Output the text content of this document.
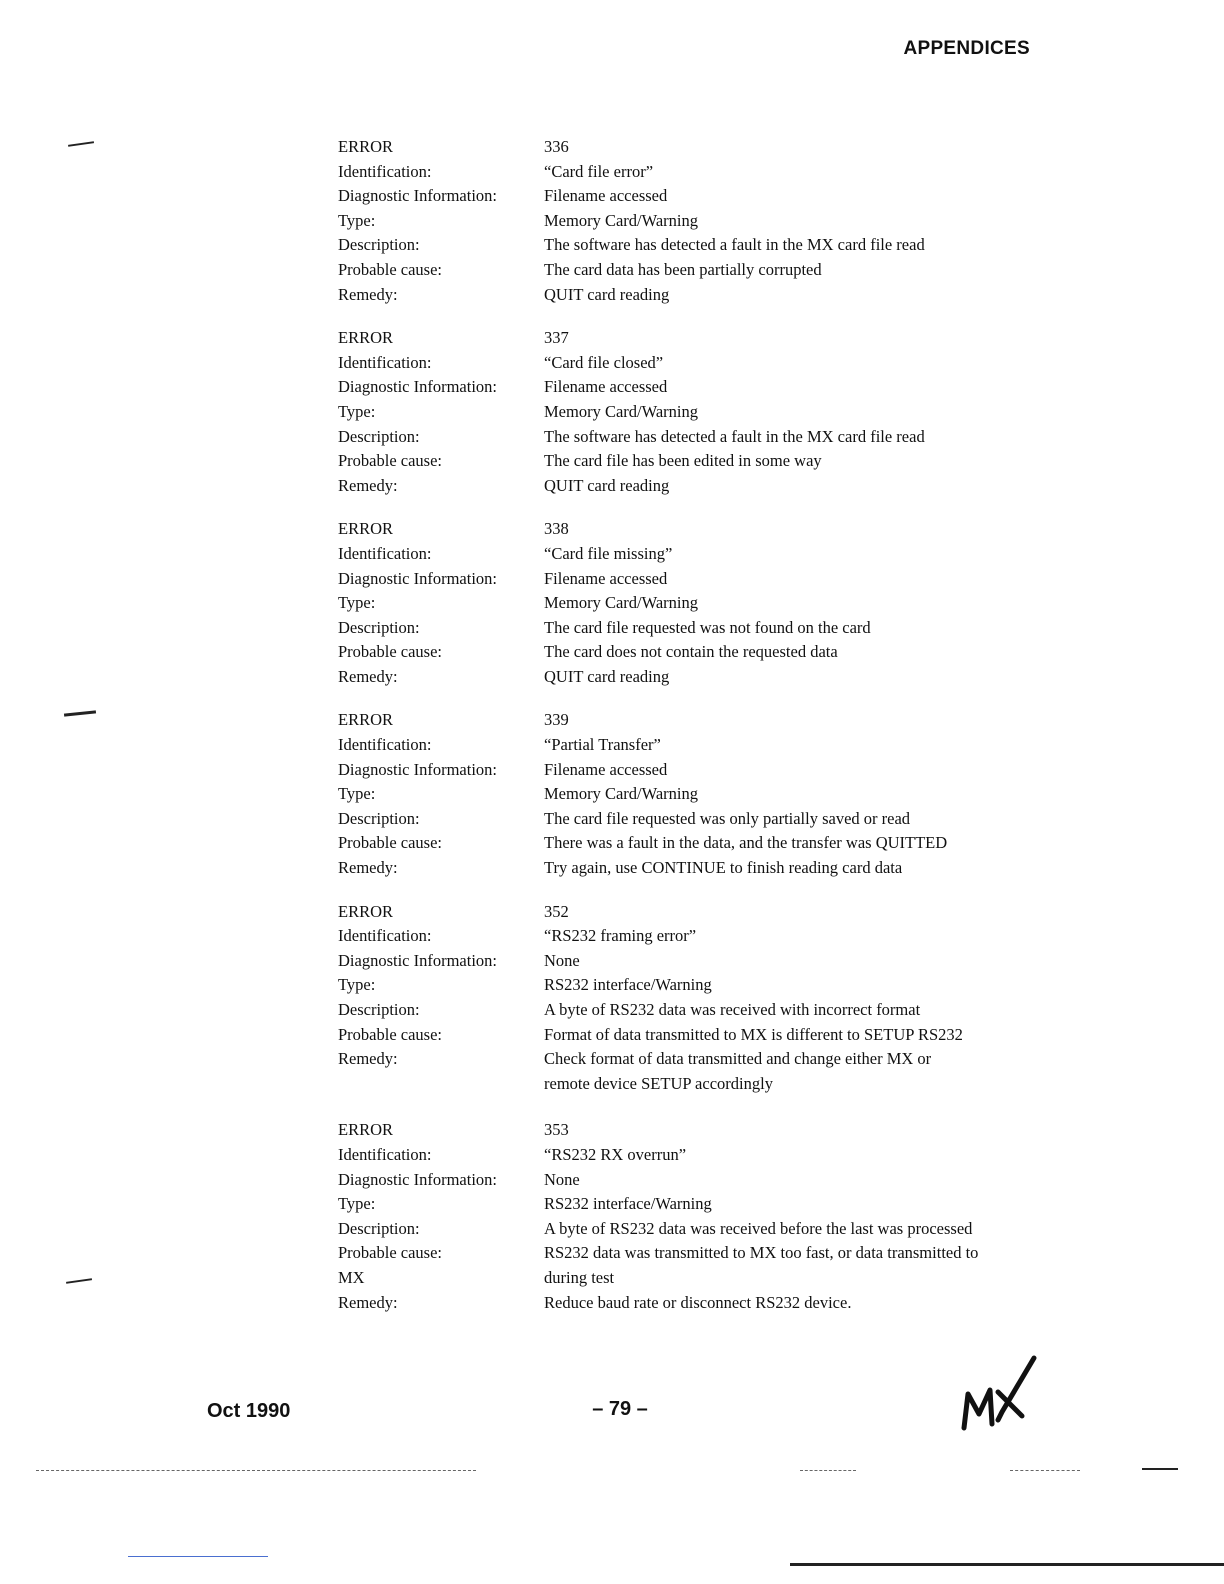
APPENDICES
ERROR	336
Identification:	“Card file error”
Diagnostic Information:	Filename accessed
Type:	Memory Card/Warning
Description:	The software has detected a fault in the MX card file read
Probable cause:	The card data has been partially corrupted
Remedy:	QUIT card reading
ERROR	337
Identification:	“Card file closed”
Diagnostic Information:	Filename accessed
Type:	Memory Card/Warning
Description:	The software has detected a fault in the MX card file read
Probable cause:	The card file has been edited in some way
Remedy:	QUIT card reading
ERROR	338
Identification:	“Card file missing”
Diagnostic Information:	Filename accessed
Type:	Memory Card/Warning
Description:	The card file requested was not found on the card
Probable cause:	The card does not contain the requested data
Remedy:	QUIT card reading
ERROR	339
Identification:	“Partial Transfer”
Diagnostic Information:	Filename accessed
Type:	Memory Card/Warning
Description:	The card file requested was only partially saved or read
Probable cause:	There was a fault in the data, and the transfer was QUITTED
Remedy:	Try again, use CONTINUE to finish reading card data
ERROR	352
Identification:	“RS232 framing error”
Diagnostic Information:	None
Type:	RS232 interface/Warning
Description:	A byte of RS232 data was received with incorrect format
Probable cause:	Format of data transmitted to MX is different to SETUP RS232
Remedy:	Check format of data transmitted and change either MX or
remote device SETUP accordingly
ERROR	353
Identification:	“RS232 RX overrun”
Diagnostic Information:	None
Type:	RS232 interface/Warning
Description:	A byte of RS232 data was received before the last was processed
Probable cause:	RS232 data was transmitted to MX too fast, or data transmitted to
MX	during test
Remedy:	Reduce baud rate or disconnect RS232 device.
Oct 1990	– 79 –
